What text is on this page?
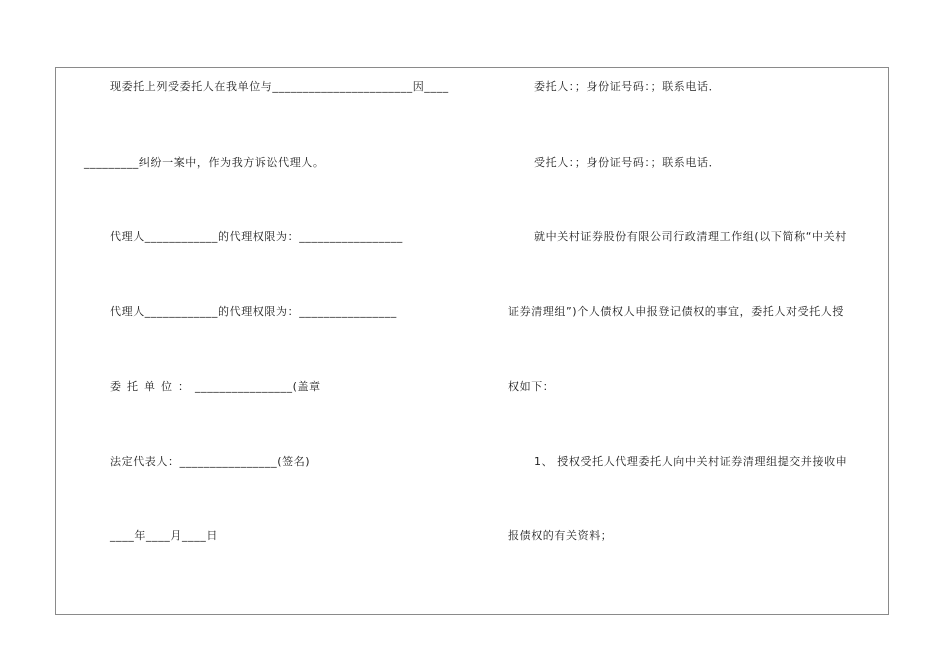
现委托上列受委托人在我单位与_______________________因____
_________纠纷一案中，作为我方诉讼代理人。
代理人____________的代理权限为：_________________
代理人____________的代理权限为：________________
委托单位：________________(盖章
法定代表人：________________(签名)
____年____月____日
委托人：；身份证号码：；联系电话．
受托人：；身份证号码：；联系电话．
就中关村证券股份有限公司行政清理工作组(以下简称“中关村
证券清理组”)个人债权人申报登记债权的事宜，委托人对受托人授
权如下：
1、 授权受托人代理委托人向中关村证券清理组提交并接收申
报债权的有关资料；
